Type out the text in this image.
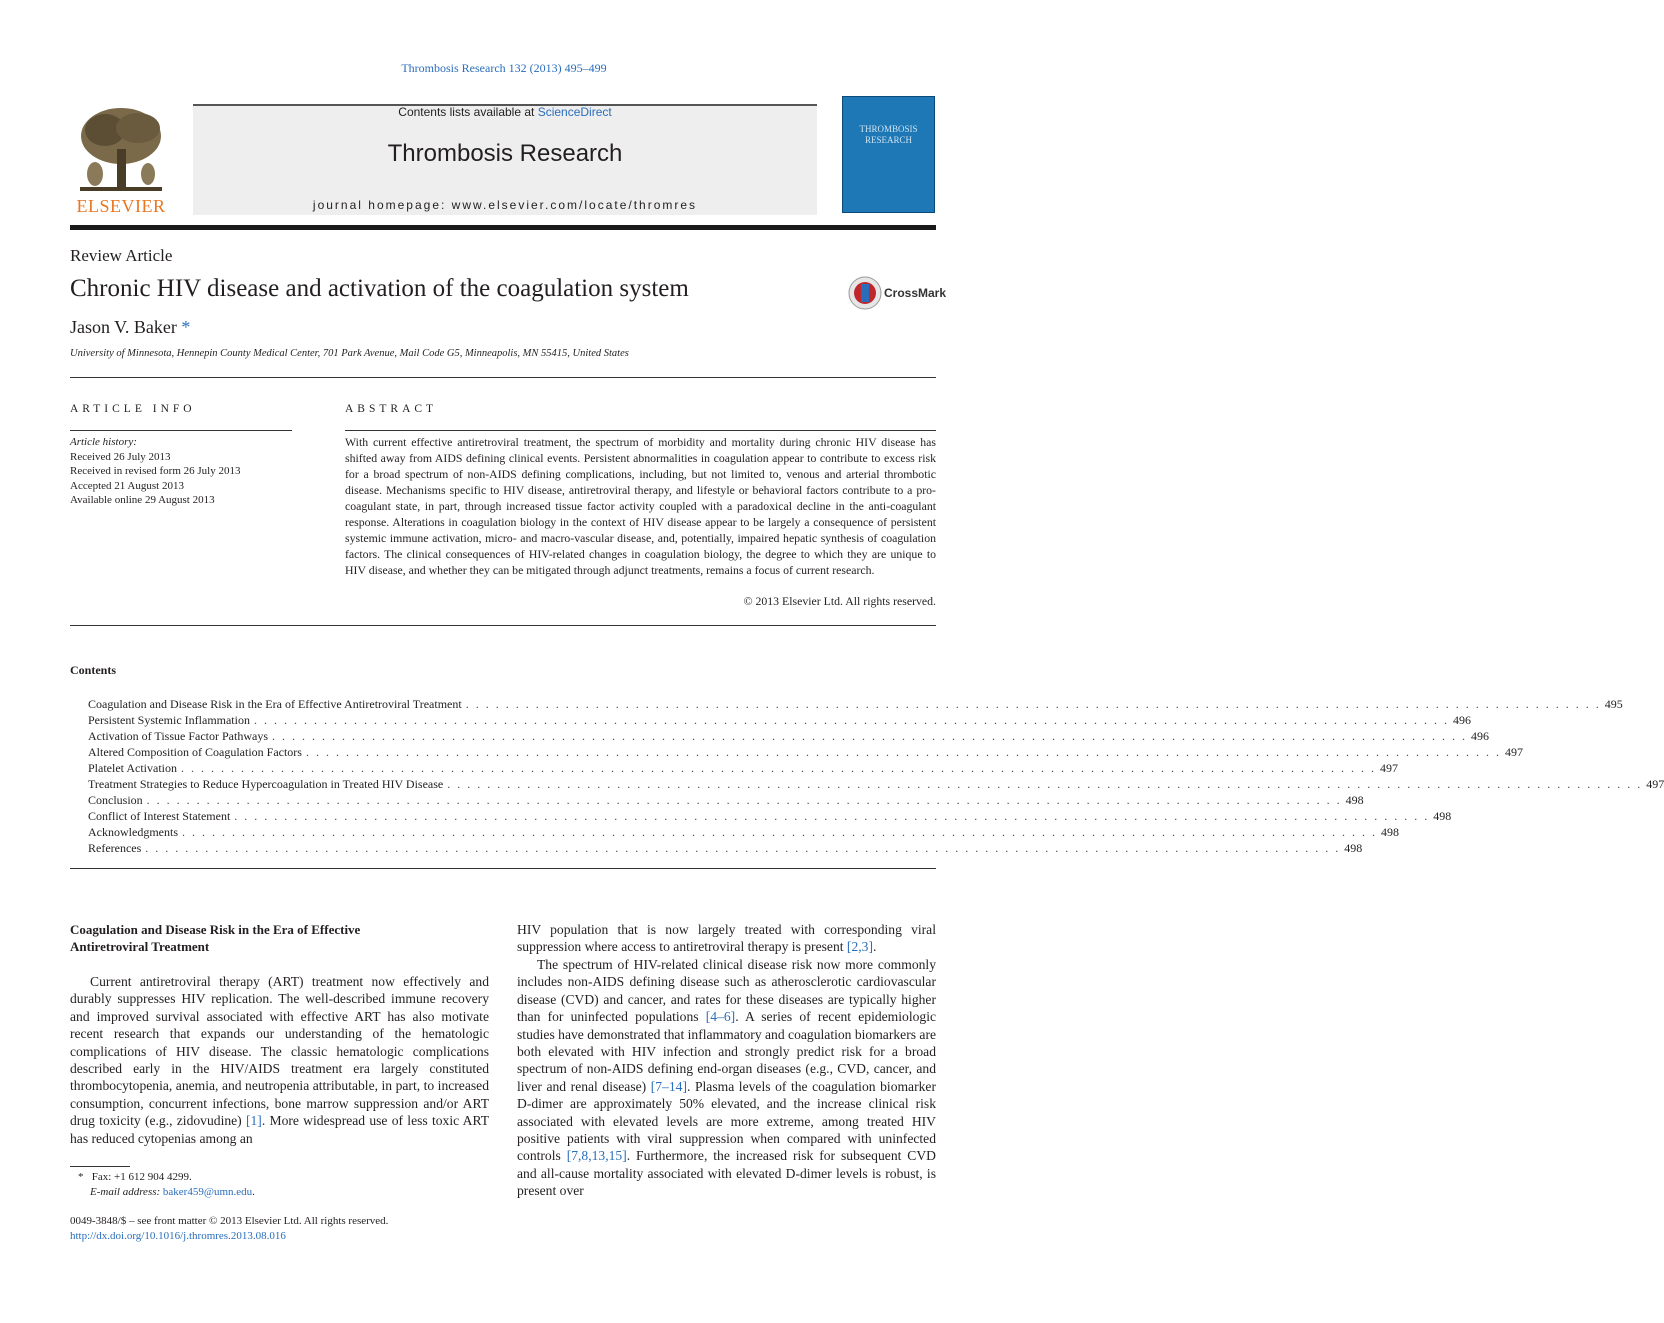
Thrombosis Research 132 (2013) 495–499
ELSEVIER
Contents lists available at ScienceDirect
Thrombosis Research
journal homepage: www.elsevier.com/locate/thromres
THROMBOSIS RESEARCH
Review Article
Chronic HIV disease and activation of the coagulation system	CrossMark
Jason V. Baker *
University of Minnesota, Hennepin County Medical Center, 701 Park Avenue, Mail Code G5, Minneapolis, MN 55415, United States
ARTICLE INFO
Article history:
Received 26 July 2013
Received in revised form 26 July 2013
Accepted 21 August 2013
Available online 29 August 2013
ABSTRACT
With current effective antiretroviral treatment, the spectrum of morbidity and mortality during chronic HIV disease has shifted away from AIDS defining clinical events. Persistent abnormalities in coagulation appear to contribute to excess risk for a broad spectrum of non-AIDS defining complications, including, but not limited to, venous and arterial thrombotic disease. Mechanisms specific to HIV disease, antiretroviral therapy, and lifestyle or behavioral factors contribute to a pro-coagulant state, in part, through increased tissue factor activity coupled with a paradoxical decline in the anti-coagulant response. Alterations in coagulation biology in the context of HIV disease appear to be largely a consequence of persistent systemic immune activation, micro- and macro-vascular disease, and, potentially, impaired hepatic synthesis of coagulation factors. The clinical consequences of HIV-related changes in coagulation biology, the degree to which they are unique to HIV disease, and whether they can be mitigated through adjunct treatments, remains a focus of current research.
© 2013 Elsevier Ltd. All rights reserved.
Contents
Coagulation and Disease Risk in the Era of Effective Antiretroviral Treatment . . . . . . . . . . . . . . . . . . . . . . . . . . . . . . . . . . . . . . . . . . . . . . . . . . . . . . . . . . . . . . . . . . . . . . . . . . . . . . . . . . . . . . . . . . . . . . . . . . . . . . . . . . . . . . . . . . 495
Persistent Systemic Inflammation . . . . . . . . . . . . . . . . . . . . . . . . . . . . . . . . . . . . . . . . . . . . . . . . . . . . . . . . . . . . . . . . . . . . . . . . . . . . . . . . . . . . . . . . . . . . . . . . . . . . . . . . . . . . . . . . . . . . . . . . 496
Activation of Tissue Factor Pathways . . . . . . . . . . . . . . . . . . . . . . . . . . . . . . . . . . . . . . . . . . . . . . . . . . . . . . . . . . . . . . . . . . . . . . . . . . . . . . . . . . . . . . . . . . . . . . . . . . . . . . . . . . . . . . . . . . . . . . . . 496
Altered Composition of Coagulation Factors . . . . . . . . . . . . . . . . . . . . . . . . . . . . . . . . . . . . . . . . . . . . . . . . . . . . . . . . . . . . . . . . . . . . . . . . . . . . . . . . . . . . . . . . . . . . . . . . . . . . . . . . . . . . . . . . . . . . . . . . 497
Platelet Activation . . . . . . . . . . . . . . . . . . . . . . . . . . . . . . . . . . . . . . . . . . . . . . . . . . . . . . . . . . . . . . . . . . . . . . . . . . . . . . . . . . . . . . . . . . . . . . . . . . . . . . . . . . . . . . . . . . . . . . . . 497
Treatment Strategies to Reduce Hypercoagulation in Treated HIV Disease . . . . . . . . . . . . . . . . . . . . . . . . . . . . . . . . . . . . . . . . . . . . . . . . . . . . . . . . . . . . . . . . . . . . . . . . . . . . . . . . . . . . . . . . . . . . . . . . . . . . . . . . . . . . . . . . . . . . . . . . 497
Conclusion . . . . . . . . . . . . . . . . . . . . . . . . . . . . . . . . . . . . . . . . . . . . . . . . . . . . . . . . . . . . . . . . . . . . . . . . . . . . . . . . . . . . . . . . . . . . . . . . . . . . . . . . . . . . . . . . . . . . . . . . 498
Conflict of Interest Statement . . . . . . . . . . . . . . . . . . . . . . . . . . . . . . . . . . . . . . . . . . . . . . . . . . . . . . . . . . . . . . . . . . . . . . . . . . . . . . . . . . . . . . . . . . . . . . . . . . . . . . . . . . . . . . . . . . . . . . . . 498
Acknowledgments . . . . . . . . . . . . . . . . . . . . . . . . . . . . . . . . . . . . . . . . . . . . . . . . . . . . . . . . . . . . . . . . . . . . . . . . . . . . . . . . . . . . . . . . . . . . . . . . . . . . . . . . . . . . . . . . . . . . . . . . 498
References . . . . . . . . . . . . . . . . . . . . . . . . . . . . . . . . . . . . . . . . . . . . . . . . . . . . . . . . . . . . . . . . . . . . . . . . . . . . . . . . . . . . . . . . . . . . . . . . . . . . . . . . . . . . . . . . . . . . . . . . 498
Coagulation and Disease Risk in the Era of Effective Antiretroviral Treatment
Current antiretroviral therapy (ART) treatment now effectively and durably suppresses HIV replication. The well-described immune recovery and improved survival associated with effective ART has also motivate recent research that expands our understanding of the hematologic complications of HIV disease. The classic hematologic complications described early in the HIV/AIDS treatment era largely constituted thrombocytopenia, anemia, and neutropenia attributable, in part, to increased consumption, concurrent infections, bone marrow suppression and/or ART drug toxicity (e.g., zidovudine) [1]. More widespread use of less toxic ART has reduced cytopenias among an
HIV population that is now largely treated with corresponding viral suppression where access to antiretroviral therapy is present [2,3].
The spectrum of HIV-related clinical disease risk now more commonly includes non-AIDS defining disease such as atherosclerotic cardiovascular disease (CVD) and cancer, and rates for these diseases are typically higher than for uninfected populations [4–6]. A series of recent epidemiologic studies have demonstrated that inflammatory and coagulation biomarkers are both elevated with HIV infection and strongly predict risk for a broad spectrum of non-AIDS defining end-organ diseases (e.g., CVD, cancer, and liver and renal disease) [7–14]. Plasma levels of the coagulation biomarker D-dimer are approximately 50% elevated, and the increase clinical risk associated with elevated levels are more extreme, among treated HIV positive patients with viral suppression when compared with uninfected controls [7,8,13,15]. Furthermore, the increased risk for subsequent CVD and all-cause mortality associated with elevated D-dimer levels is robust, is present over
* Fax: +1 612 904 4299.
E-mail address: baker459@umn.edu.
0049-3848/$ – see front matter © 2013 Elsevier Ltd. All rights reserved.
http://dx.doi.org/10.1016/j.thromres.2013.08.016
